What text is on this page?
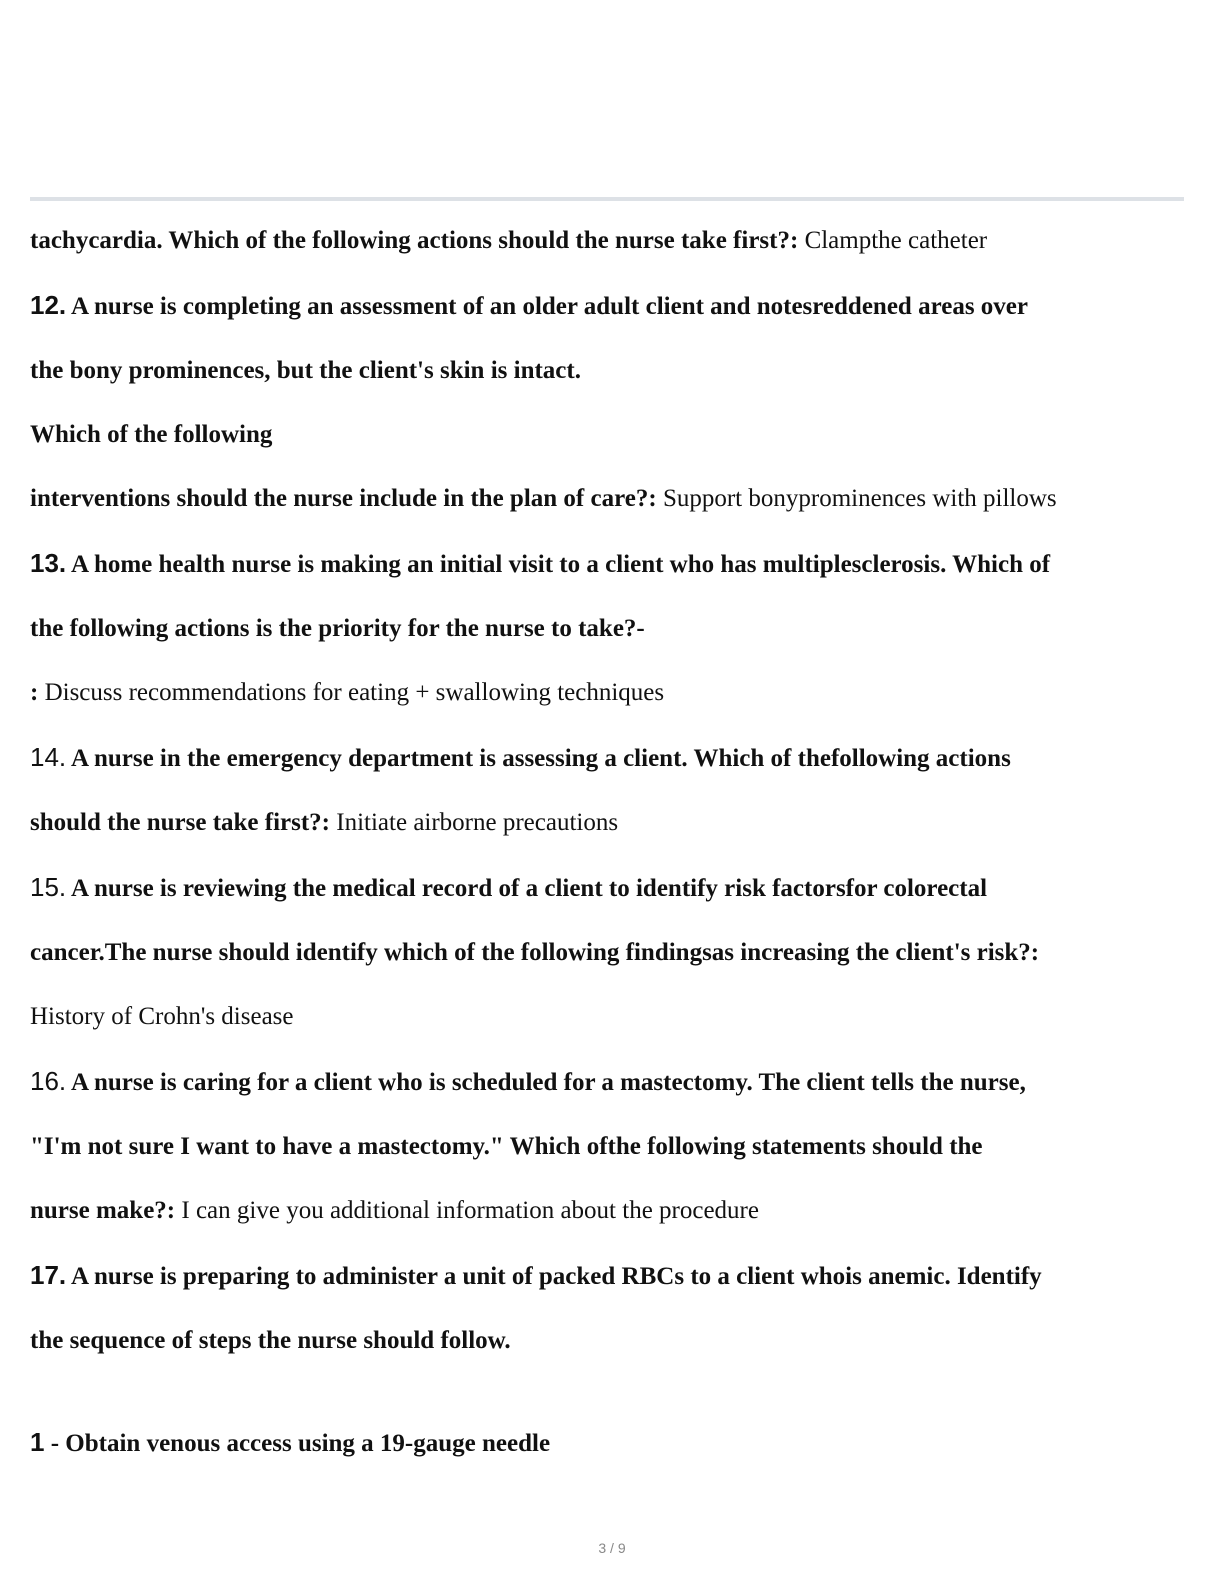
tachycardia. Which of the following actions should the nurse take first?: Clampthe catheter
12. A nurse is completing an assessment of an older adult client and notesreddened areas over
the bony prominences, but the client's skin is intact.
Which of the following
interventions should the nurse include in the plan of care?: Support bonyprominences with pillows
13. A home health nurse is making an initial visit to a client who has multiplesclerosis. Which of
the following actions is the priority for the nurse to take?-
: Discuss recommendations for eating + swallowing techniques
14. A nurse in the emergency department is assessing a client. Which of thefollowing actions
should the nurse take first?: Initiate airborne precautions
15. A nurse is reviewing the medical record of a client to identify risk factorsfor colorectal
cancer.The nurse should identify which of the following findingsas increasing the client's risk?:
History of Crohn's disease
16. A nurse is caring for a client who is scheduled for a mastectomy. The client tells the nurse,
"I'm not sure I want to have a mastectomy." Which ofthe following statements should the
nurse make?: I can give you additional information about the procedure
17. A nurse is preparing to administer a unit of packed RBCs to a client whois anemic. Identify
the sequence of steps the nurse should follow.
1 - Obtain venous access using a 19-gauge needle
3 / 9
